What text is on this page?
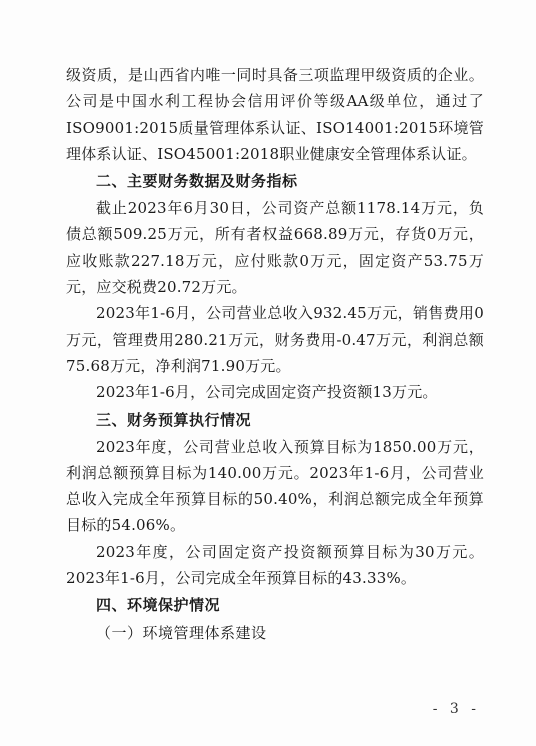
级资质，是山西省内唯一同时具备三项监理甲级资质的企业。公司是中国水利工程协会信用评价等级AA级单位，通过了ISO9001:2015质量管理体系认证、ISO14001:2015环境管理体系认证、ISO45001:2018职业健康安全管理体系认证。

二、主要财务数据及财务指标

截止2023年6月30日，公司资产总额1178.14万元，负债总额509.25万元，所有者权益668.89万元，存货0万元，应收账款227.18万元，应付账款0万元，固定资产53.75万元，应交税费20.72万元。

2023年1-6月，公司营业总收入932.45万元，销售费用0万元，管理费用280.21万元，财务费用-0.47万元，利润总额75.68万元，净利润71.90万元。

2023年1-6月，公司完成固定资产投资额13万元。

三、财务预算执行情况

2023年度，公司营业总收入预算目标为1850.00万元，利润总额预算目标为140.00万元。2023年1-6月，公司营业总收入完成全年预算目标的50.40%，利润总额完成全年预算目标的54.06%。

2023年度，公司固定资产投资额预算目标为30万元。2023年1-6月，公司完成全年预算目标的43.33%。

四、环境保护情况

（一）环境管理体系建设

- 3 -
